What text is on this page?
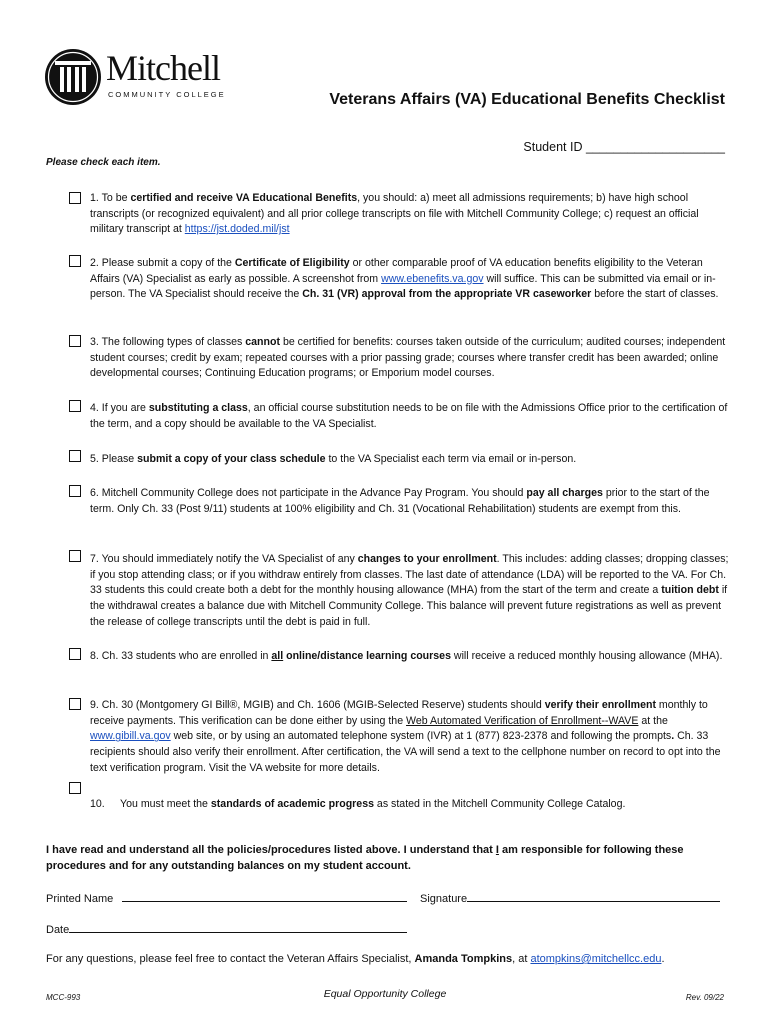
Mitchell
COMMUNITY COLLEGE	Veterans Affairs (VA) Educational Benefits Checklist
Student ID ____________________
Please check each item.
1. To be certified and receive VA Educational Benefits, you should: a) meet all admissions requirements; b) have high school transcripts (or recognized equivalent) and all prior college transcripts on file with Mitchell Community College; c) request an official military transcript at https://jst.doded.mil/jst
2. Please submit a copy of the Certificate of Eligibility or other comparable proof of VA education benefits eligibility to the Veteran Affairs (VA) Specialist as early as possible. A screenshot from www.ebenefits.va.gov will suffice. This can be submitted via email or in-person. The VA Specialist should receive the Ch. 31 (VR) approval from the appropriate VR caseworker before the start of classes.
3. The following types of classes cannot be certified for benefits: courses taken outside of the curriculum; audited courses; independent student courses; credit by exam; repeated courses with a prior passing grade; courses where transfer credit has been awarded; online developmental courses; Continuing Education programs; or Emporium model courses.
4. If you are substituting a class, an official course substitution needs to be on file with the Admissions Office prior to the certification of the term, and a copy should be available to the VA Specialist.
5. Please submit a copy of your class schedule to the VA Specialist each term via email or in-person.
6. Mitchell Community College does not participate in the Advance Pay Program. You should pay all charges prior to the start of the term. Only Ch. 33 (Post 9/11) students at 100% eligibility and Ch. 31 (Vocational Rehabilitation) students are exempt from this.
7. You should immediately notify the VA Specialist of any changes to your enrollment. This includes: adding classes; dropping classes; if you stop attending class; or if you withdraw entirely from classes. The last date of attendance (LDA) will be reported to the VA. For Ch. 33 students this could create both a debt for the monthly housing allowance (MHA) from the start of the term and create a tuition debt if the withdrawal creates a balance due with Mitchell Community College. This balance will prevent future registrations as well as prevent the release of college transcripts until the debt is paid in full.
8. Ch. 33 students who are enrolled in all online/distance learning courses will receive a reduced monthly housing allowance (MHA).
9. Ch. 30 (Montgomery GI Bill®, MGIB) and Ch. 1606 (MGIB-Selected Reserve) students should verify their enrollment monthly to receive payments. This verification can be done either by using the Web Automated Verification of Enrollment--WAVE at the www.gibill.va.gov web site, or by using an automated telephone system (IVR) at 1 (877) 823-2378 and following the prompts. Ch. 33 recipients should also verify their enrollment. After certification, the VA will send a text to the cellphone number on record to opt into the text verification program. Visit the VA website for more details.
10. You must meet the standards of academic progress as stated in the Mitchell Community College Catalog.
I have read and understand all the policies/procedures listed above. I understand that I am responsible for following these procedures and for any outstanding balances on my student account.
Printed Name	Signature
Date
For any questions, please feel free to contact the Veteran Affairs Specialist, Amanda Tompkins, at atompkins@mitchellcc.edu.
MCC-993	Equal Opportunity College	Rev. 09/22
